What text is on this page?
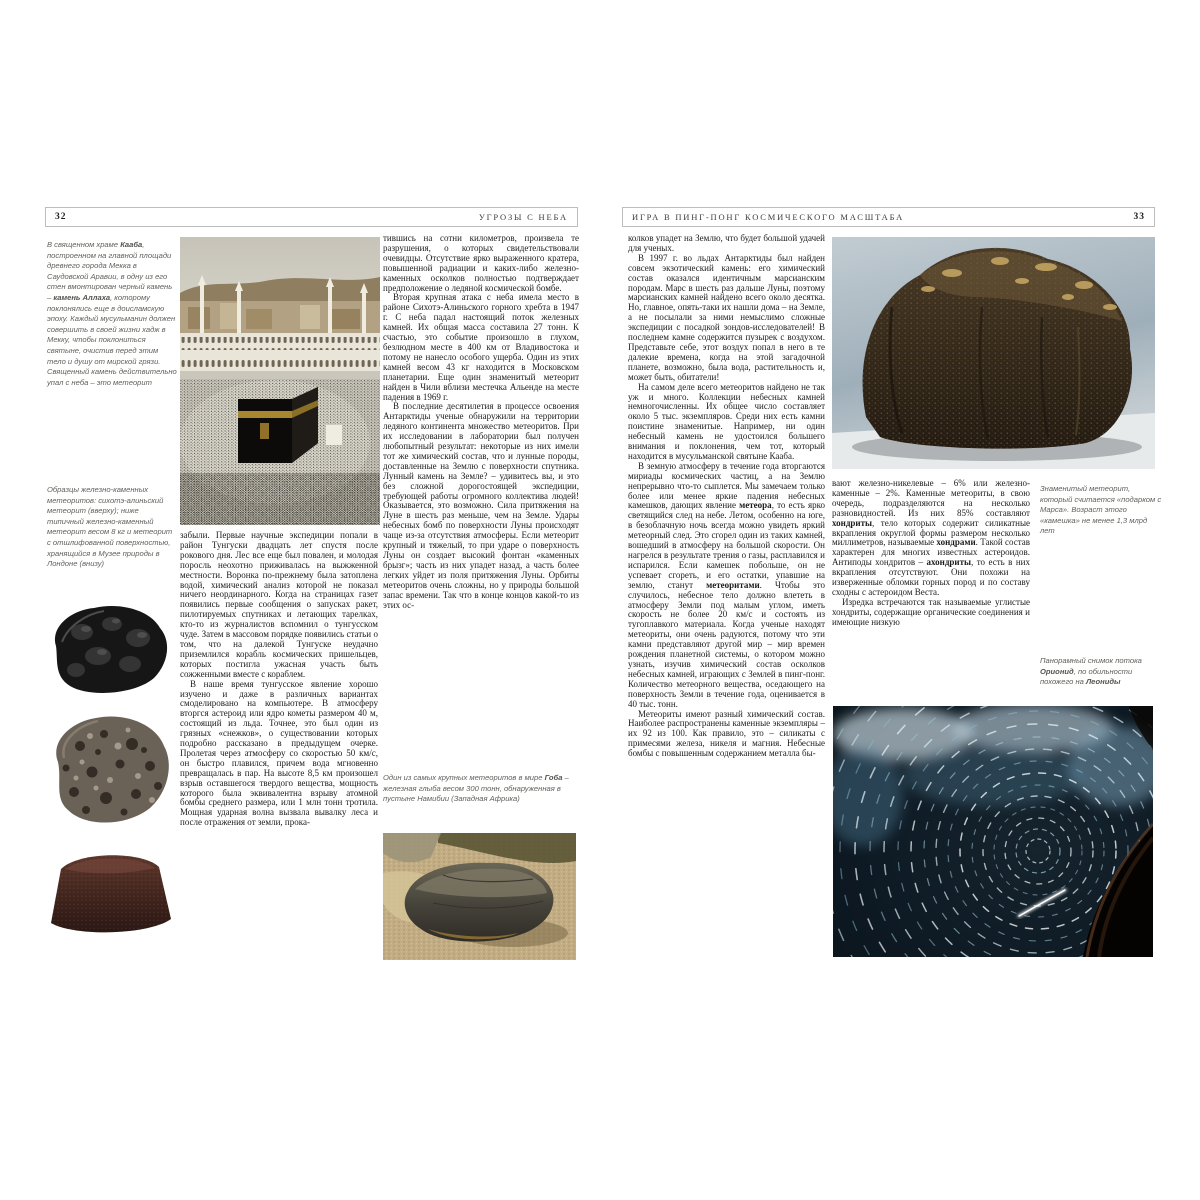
32	УГРОЗЫ С НЕБА
В священном храме Кааба, построенном на главной площади древнего города Мекка в Саудовской Аравии, в одну из его стен вмонтирован черный камень – камень Аллаха, которому поклонялись еще в доисламскую эпоху. Каждый мусульманин должен совершить в своей жизни хадж в Мекку, чтобы поклониться святыне, очистив перед этим тело и душу от мирской грязи. Священный камень действительно упал с неба – это метеорит
Образцы железно-каменных метеоритов: сихотэ-алиньский метеорит (вверху); ниже типичный железно-каменный метеорит весом 8 кг и метеорит с отшлифованной поверхностью, хранящийся в Музее природы в Лондоне (внизу)

забыли. Первые научные экспедиции попали в район Тунгуски двадцать лет спустя после рокового дня. Лес все еще был повален, и молодая поросль неохотно приживалась на выжженной местности. Воронка по-прежнему была затоплена водой, химический анализ которой не показал ничего неординарного. Когда на страницах газет появились первые сообщения о запусках ракет, пилотируемых спутниках и летающих тарелках, кто-то из журналистов вспомнил о тунгусском чуде. Затем в массовом порядке появились статьи о том, что на далекой Тунгуске неудачно приземлился корабль космических пришельцев, которых постигла ужасная участь быть сожженными вместе с кораблем.

В наше время тунгусское явление хорошо изучено и даже в различных вариантах смоделировано на компьютере. В атмосферу вторгся астероид или ядро кометы размером 40 м, состоящий из льда. Точнее, это был один из грязных «снежков», о существовании которых подробно рассказано в предыдущем очерке. Пролетая через атмосферу со скоростью 50 км/с, он быстро плавился, причем вода мгновенно превращалась в пар. На высоте 8,5 км произошел взрыв оставшегося твердого вещества, мощность которого была эквивалентна взрыву атомной бомбы среднего размера, или 1 млн тонн тротила. Мощная ударная волна вызвала вывалку леса и после отражения от земли, прока-

тившись на сотни километров, произвела те разрушения, о которых свидетельствовали очевидцы. Отсутствие ярко выраженного кратера, повышенной радиации и каких-либо железно-каменных осколков полностью подтверждает предположение о ледяной космической бомбе.

Вторая крупная атака с неба имела место в районе Сихотэ-Алиньского горного хребта в 1947 г. С неба падал настоящий поток железных камней. Их общая масса составила 27 тонн. К счастью, это событие произошло в глухом, безлюдном месте в 400 км от Владивостока и потому не нанесло особого ущерба. Один из этих камней весом 43 кг находится в Московском планетарии. Еще один знаменитый метеорит найден в Чили вблизи местечка Альенде на месте падения в 1969 г.

В последние десятилетия в процессе освоения Антарктиды ученые обнаружили на территории ледяного континента множество метеоритов. При их исследовании в лаборатории был получен любопытный результат: некоторые из них имели тот же химический состав, что и лунные породы, доставленные на Землю с поверхности спутника. Лунный камень на Земле? – удивитесь вы, и это без сложной дорогостоящей экспедиции, требующей работы огромного коллектива людей! Оказывается, это возможно. Сила притяжения на Луне в шесть раз меньше, чем на Земле. Удары небесных бомб по поверхности Луны происходят чаще из-за отсутствия атмосферы. Если метеорит крупный и тяжелый, то при ударе о поверхность Луны он создает высокий фонтан «каменных брызг»; часть из них упадет назад, а часть более легких уйдет из поля притяжения Луны. Орбиты метеоритов очень сложны, но у природы большой запас времени. Так что в конце концов какой-то из этих ос-

Один из самых крупных метеоритов в мире Гоба – железная глыба весом 300 тонн, обнаруженная в пустыне Намибии (Западная Африка)
ИГРА В ПИНГ-ПОНГ КОСМИЧЕСКОГО МАСШТАБА	33

колков упадет на Землю, что будет большой удачей для ученых.

В 1997 г. во льдах Антарктиды был найден совсем экзотический камень: его химический состав оказался идентичным марсианским породам. Марс в шесть раз дальше Луны, поэтому марсианских камней найдено всего около десятка. Но, главное, опять-таки их нашли дома – на Земле, а не посылали за ними немыслимо сложные экспедиции с посадкой зондов-исследователей! В последнем камне содержится пузырек с воздухом. Представьте себе, этот воздух попал в него в те далекие времена, когда на этой загадочной планете, возможно, была вода, растительность и, может быть, обитатели!

На самом деле всего метеоритов найдено не так уж и много. Коллекции небесных камней немногочисленны. Их общее число составляет около 5 тыс. экземпляров. Среди них есть камни поистине знаменитые. Например, ни один небесный камень не удостоился большего внимания и поклонения, чем тот, который находится в мусульманской святыне Кааба.

В земную атмосферу в течение года вторгаются мириады космических частиц, а на Землю непрерывно что-то сыплется. Мы замечаем только более или менее яркие падения небесных камешков, дающих явление метеора, то есть ярко светящийся след на небе. Летом, особенно на юге, в безоблачную ночь всегда можно увидеть яркий метеорный след. Это сгорел один из таких камней, вошедший в атмосферу на большой скорости. Он нагрелся в результате трения о газы, расплавился и испарился. Если камешек побольше, он не успевает сгореть, и его остатки, упавшие на землю, станут метеоритами. Чтобы это случилось, небесное тело должно влететь в атмосферу Земли под малым углом, иметь скорость не более 20 км/с и состоять из тугоплавкого материала. Когда ученые находят метеориты, они очень радуются, потому что эти камни представляют другой мир – мир времен рождения планетной системы, о котором можно узнать, изучив химический состав осколков небесных камней, играющих с Землей в пинг-понг. Количество метеорного вещества, оседающего на поверхность Земли в течение года, оценивается в 40 тыс. тонн.

Метеориты имеют разный химический состав. Наиболее распространены каменные экземпляры – их 92 из 100. Как правило, это – силикаты с примесями железа, никеля и магния. Небесные бомбы с повышенным содержанием металла бы-

вают железно-никелевые – 6% или железно-каменные – 2%. Каменные метеориты, в свою очередь, подразделяются на несколько разновидностей. Из них 85% составляют хондриты, тело которых содержит силикатные вкрапления округлой формы размером несколько миллиметров, называемые хондрами. Такой состав характерен для многих известных астероидов. Антиподы хондритов – ахондриты, то есть в них вкрапления отсутствуют. Они похожи на изверженные обломки горных пород и по составу сходны с астероидом Веста.

Изредка встречаются так называемые углистые хондриты, содержащие органические соединения и имеющие низкую

Знаменитый метеорит, который считается «подарком с Марса». Возраст этого «камешка» не менее 1,3 млрд лет
Панорамный снимок потока Орионид, по обильности похожего на Леониды
